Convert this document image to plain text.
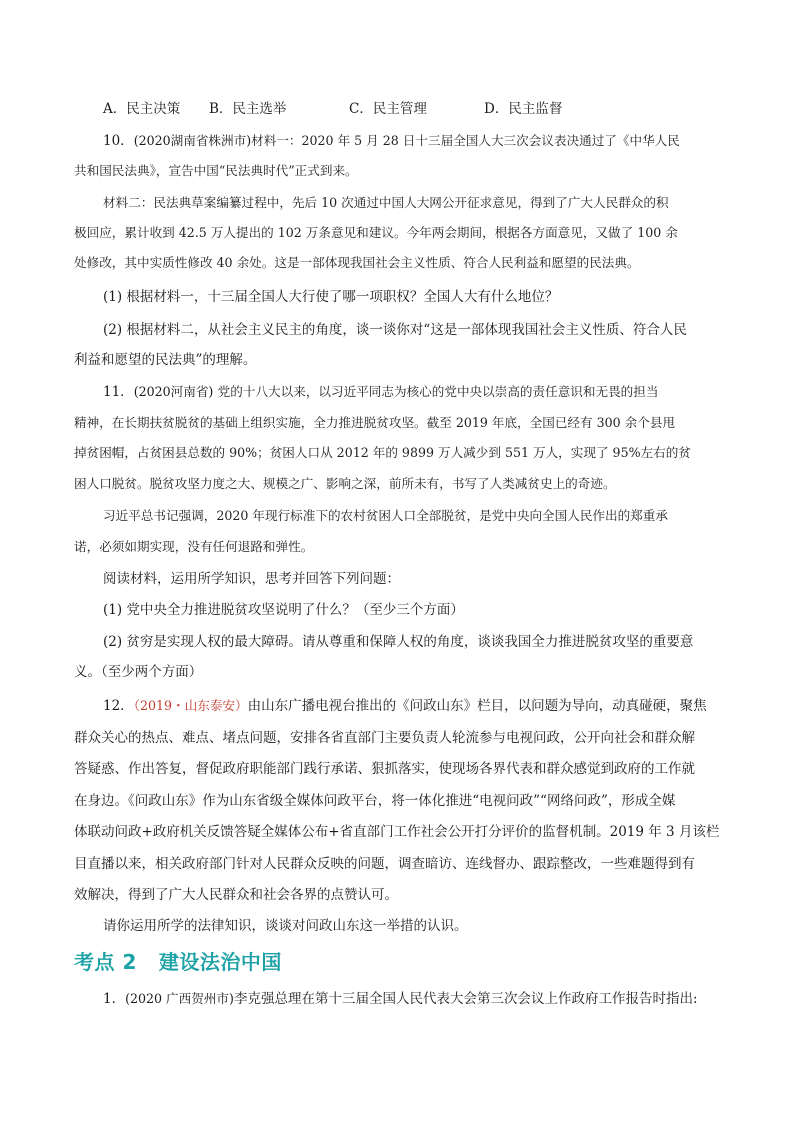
A．民主决策 B．民主选举	C．民主管理	D．民主监督
10．(2020湖南省株洲市)材料一：2020 年 5 月 28 日十三届全国人大三次会议表决通过了《中华人民
共和国民法典》，宣告中国“民法典时代”正式到来。
材料二：民法典草案编纂过程中，先后 10 次通过中国人大网公开征求意见，得到了广大人民群众的积
极回应，累计收到 42.5 万人提出的 102 万条意见和建议。今年两会期间，根据各方面意见，又做了 100 余
处修改，其中实质性修改 40 余处。这是一部体现我国社会主义性质、符合人民利益和愿望的民法典。
(1) 根据材料一，十三届全国人大行使了哪一项职权？全国人大有什么地位？
(2) 根据材料二，从社会主义民主的角度，谈一谈你对“这是一部体现我国社会主义性质、符合人民
利益和愿望的民法典”的理解。
11．(2020河南省) 党的十八大以来，以习近平同志为核心的党中央以崇高的责任意识和无畏的担当
精神，在长期扶贫脱贫的基础上组织实施，全力推进脱贫攻坚。截至 2019 年底，全国已经有 300 余个县甩
掉贫困帽，占贫困县总数的 90%；贫困人口从 2012 年的 9899 万人减少到 551 万人，实现了 95%左右的贫
困人口脱贫。脱贫攻坚力度之大、规模之广、影响之深，前所未有，书写了人类减贫史上的奇迹。
习近平总书记强调，2020 年现行标准下的农村贫困人口全部脱贫，是党中央向全国人民作出的郑重承
诺，必须如期实现，没有任何退路和弹性。
阅读材料，运用所学知识，思考并回答下列问题：
(1) 党中央全力推进脱贫攻坚说明了什么？（至少三个方面）
(2) 贫穷是实现人权的最大障碍。请从尊重和保障人权的角度，谈谈我国全力推进脱贫攻坚的重要意
义。（至少两个方面）
12．（2019・山东泰安）由山东广播电视台推出的《问政山东》栏目，以问题为导向，动真碰硬，聚焦
群众关心的热点、难点、堵点问题，安排各省直部门主要负责人轮流参与电视问政，公开向社会和群众解
答疑惑、作出答复，督促政府职能部门践行承诺、狠抓落实，使现场各界代表和群众感觉到政府的工作就
在身边。《问政山东》作为山东省级全媒体问政平台，将一体化推进“电视问政”“网络问政”，形成全媒
体联动问政+政府机关反馈答疑全媒体公布+省直部门工作社会公开打分评价的监督机制。2019 年 3 月该栏
目直播以来，相关政府部门针对人民群众反映的问题，调查暗访、连线督办、跟踪整改，一些难题得到有
效解决，得到了广大人民群众和社会各界的点赞认可。
请你运用所学的法律知识，谈谈对问政山东这一举措的认识。
考点 2 建设法治中国
1．(2020 广西贺州市)李克强总理在第十三届全国人民代表大会第三次会议上作政府工作报告时指出:
